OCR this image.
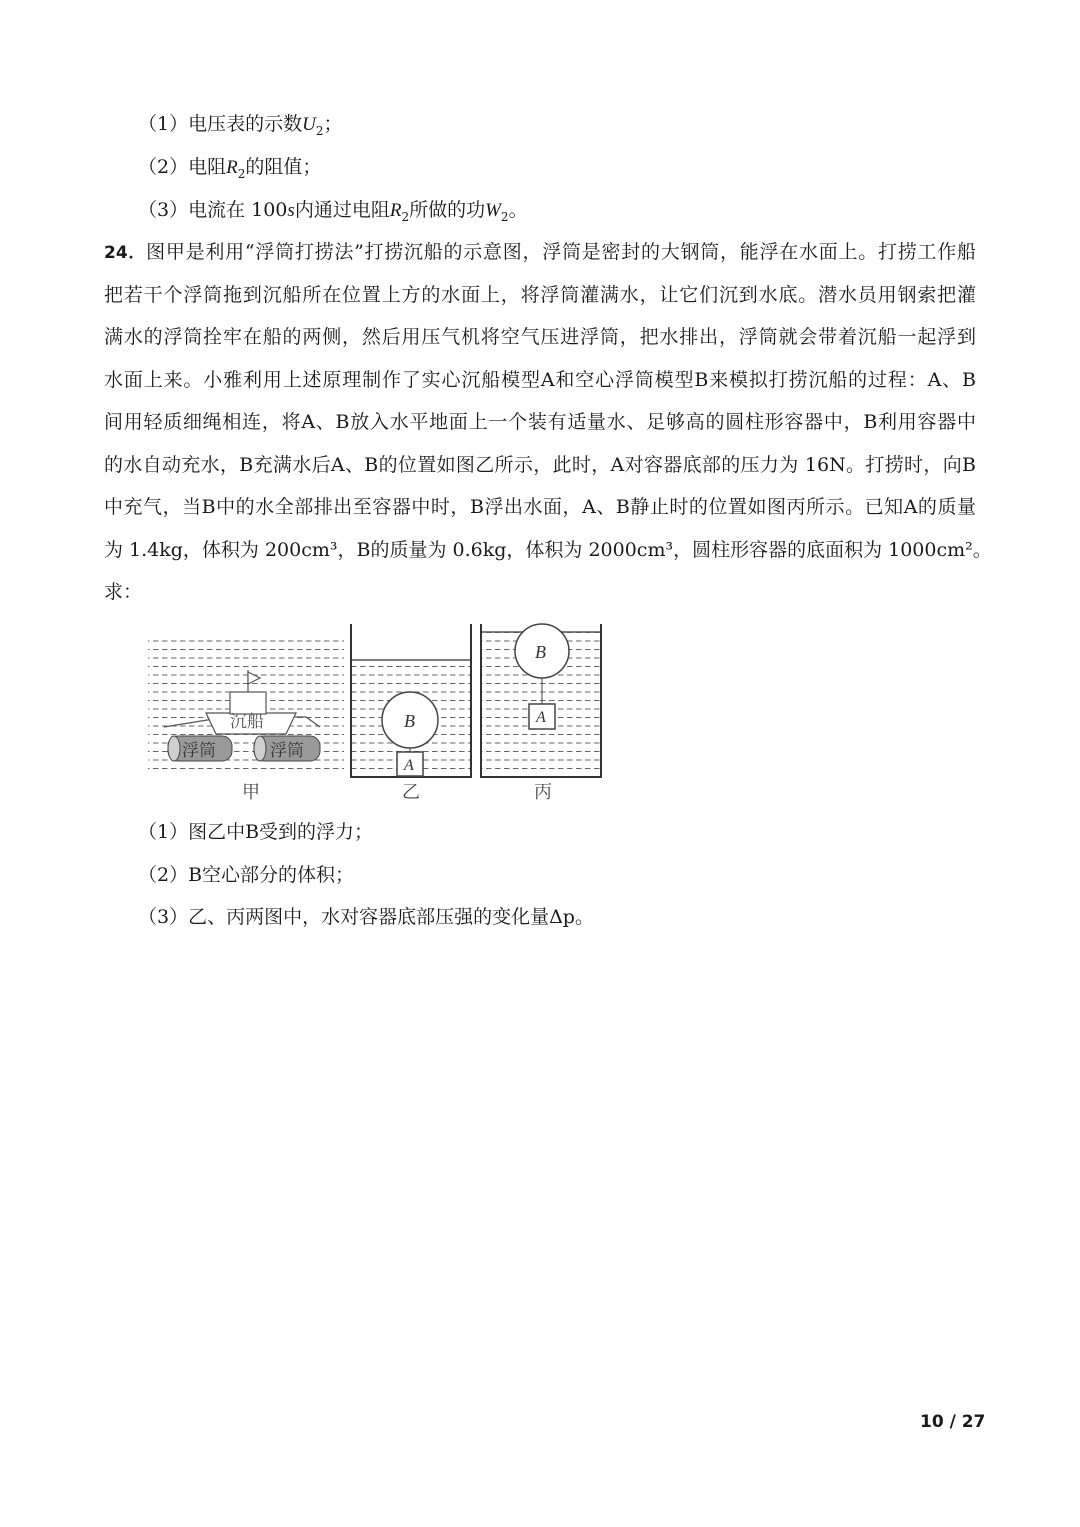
（1）电压表的示数$U_2$；
（2）电阻$R_2$的阻值；
（3）电流在 100s内通过电阻$R_2$所做的功$W_2$。
24．图甲是利用“浮筒打捞法”打捞沉船的示意图，浮筒是密封的大钢筒，能浮在水面上。打捞工作船
把若干个浮筒拖到沉船所在位置上方的水面上，将浮筒灌满水，让它们沉到水底。潜水员用钢索把灌
满水的浮筒拴牢在船的两侧，然后用压气机将空气压进浮筒，把水排出，浮筒就会带着沉船一起浮到
水面上来。小雅利用上述原理制作了实心沉船模型A和空心浮筒模型B来模拟打捞沉船的过程：A、B
间用轻质细绳相连，将A、B放入水平地面上一个装有适量水、足够高的圆柱形容器中，B利用容器中
的水自动充水，B充满水后A、B的位置如图乙所示，此时，A对容器底部的压力为 16N。打捞时，向B
中充气，当B中的水全部排出至容器中时，B浮出水面，A、B静止时的位置如图丙所示。已知A的质量
为 1.4kg，体积为 200cm³，B的质量为 0.6kg，体积为 2000cm³，圆柱形容器的底面积为 1000cm²。
求：
沉船
浮筒	浮筒
甲
B
A
乙
B
A
丙
（1）图乙中B受到的浮力；
（2）B空心部分的体积；
（3）乙、丙两图中，水对容器底部压强的变化量Δp。
10 / 27
